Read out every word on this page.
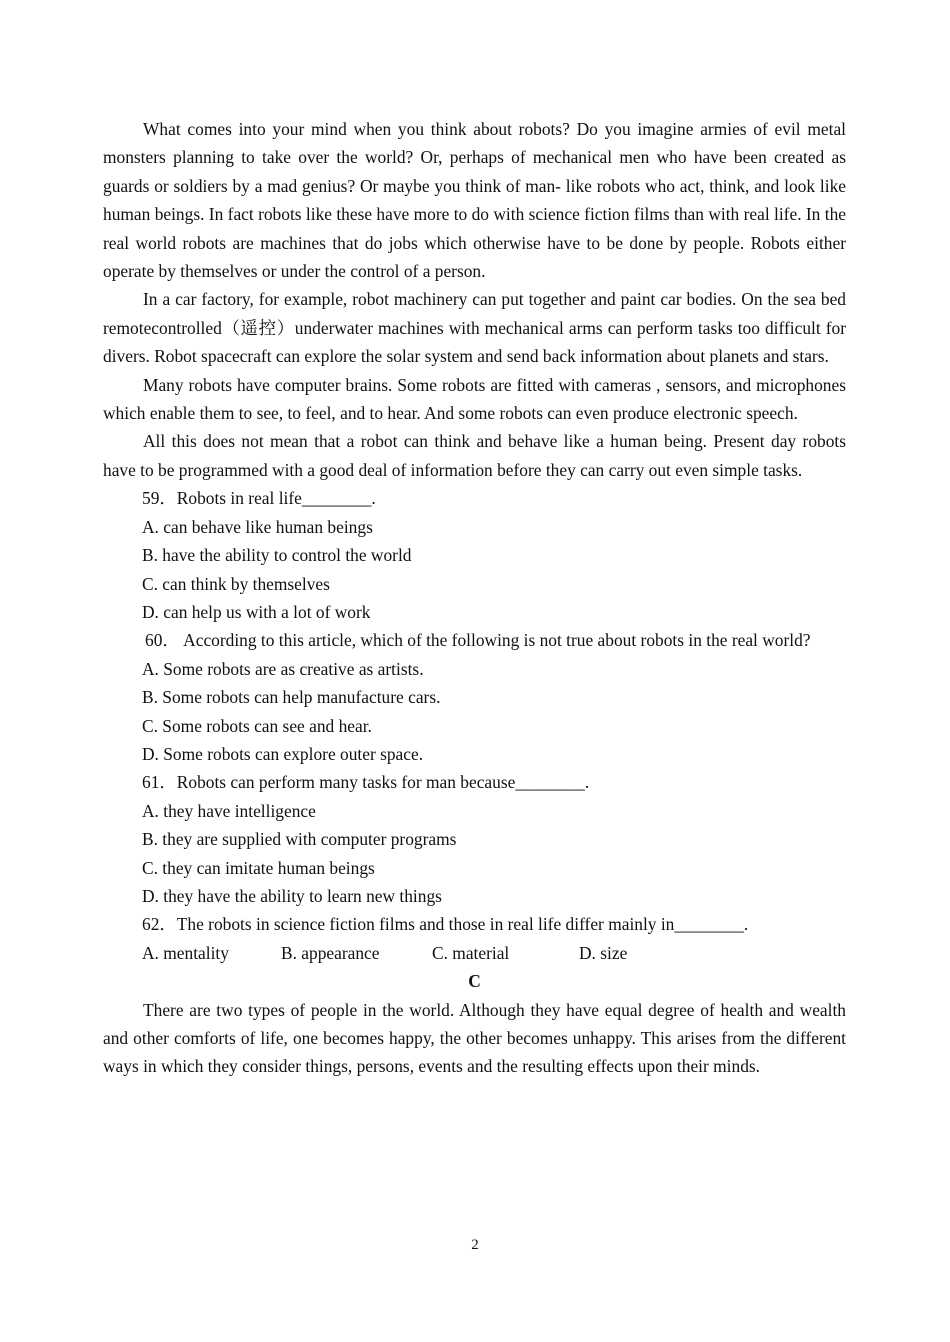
What comes into your mind when you think about robots? Do you imagine armies of evil metal monsters planning to take over the world? Or, perhaps of mechanical men who have been created as guards or soldiers by a mad genius? Or maybe you think of man- like robots who act, think, and look like human beings. In fact robots like these have more to do with science fiction films than with real life. In the real world robots are machines that do jobs which otherwise have to be done by people. Robots either operate by themselves or under the control of a person.

In a car factory, for example, robot machinery can put together and paint car bodies. On the sea bed remotecontrolled（遥控）underwater machines with mechanical arms can perform tasks too difficult for divers. Robot spacecraft can explore the solar system and send back information about planets and stars.

Many robots have computer brains. Some robots are fitted with cameras , sensors, and microphones which enable them to see, to feel, and to hear. And some robots can even produce electronic speech.

All this does not mean that a robot can think and behave like a human being. Present day robots have to be programmed with a good deal of information before they can carry out even simple tasks.

59．Robots in real life________.

A. can behave like human beings

B. have the ability to control the world

C. can think by themselves

D. can help us with a lot of work

60． According to this article, which of the following is not true about robots in the real world?

A. Some robots are as creative as artists.

B. Some robots can help manufacture cars.

C. Some robots can see and hear.

D. Some robots can explore outer space.

61．Robots can perform many tasks for man because________.

A. they have intelligence

B. they are supplied with computer programs

C. they can imitate human beings

D. they have the ability to learn new things

62．The robots in science fiction films and those in real life differ mainly in________.

A. mentality	B. appearance	C. material	D. size

C

There are two types of people in the world. Although they have equal degree of health and wealth and other comforts of life, one becomes happy, the other becomes unhappy. This arises from the different ways in which they consider things, persons, events and the resulting effects upon their minds.

2
